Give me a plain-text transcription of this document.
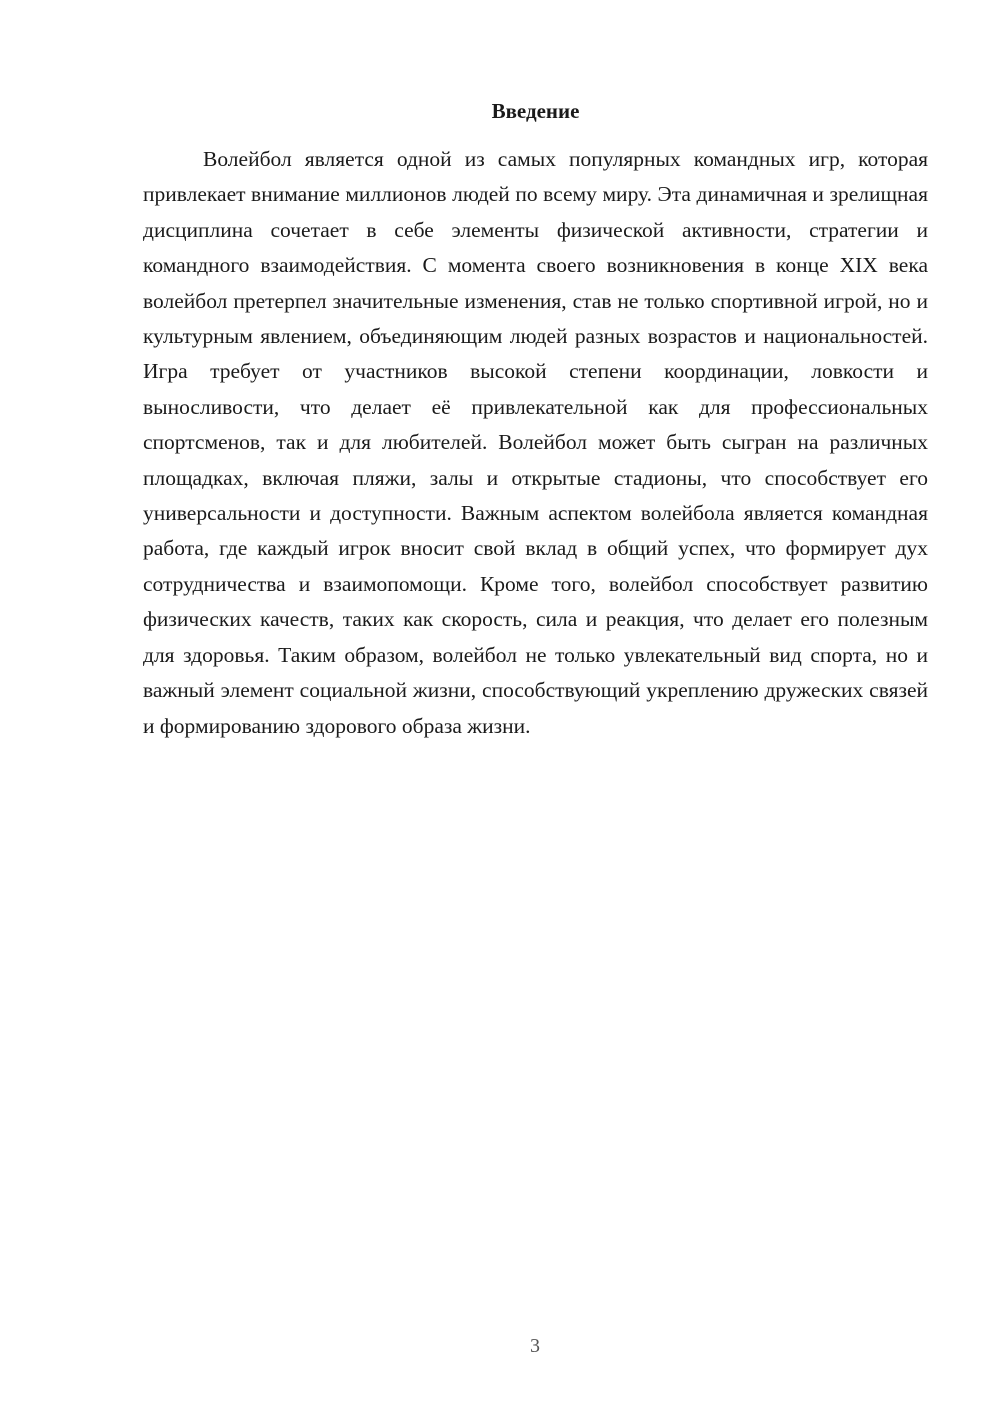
Введение

Волейбол является одной из самых популярных командных игр, которая привлекает внимание миллионов людей по всему миру. Эта динамичная и зрелищная дисциплина сочетает в себе элементы физической активности, стратегии и командного взаимодействия. С момента своего возникновения в конце XIX века волейбол претерпел значительные изменения, став не только спортивной игрой, но и культурным явлением, объединяющим людей разных возрастов и национальностей. Игра требует от участников высокой степени координации, ловкости и выносливости, что делает её привлекательной как для профессиональных спортсменов, так и для любителей. Волейбол может быть сыгран на различных площадках, включая пляжи, залы и открытые стадионы, что способствует его универсальности и доступности. Важным аспектом волейбола является командная работа, где каждый игрок вносит свой вклад в общий успех, что формирует дух сотрудничества и взаимопомощи. Кроме того, волейбол способствует развитию физических качеств, таких как скорость, сила и реакция, что делает его полезным для здоровья. Таким образом, волейбол не только увлекательный вид спорта, но и важный элемент социальной жизни, способствующий укреплению дружеских связей и формированию здорового образа жизни.

3
